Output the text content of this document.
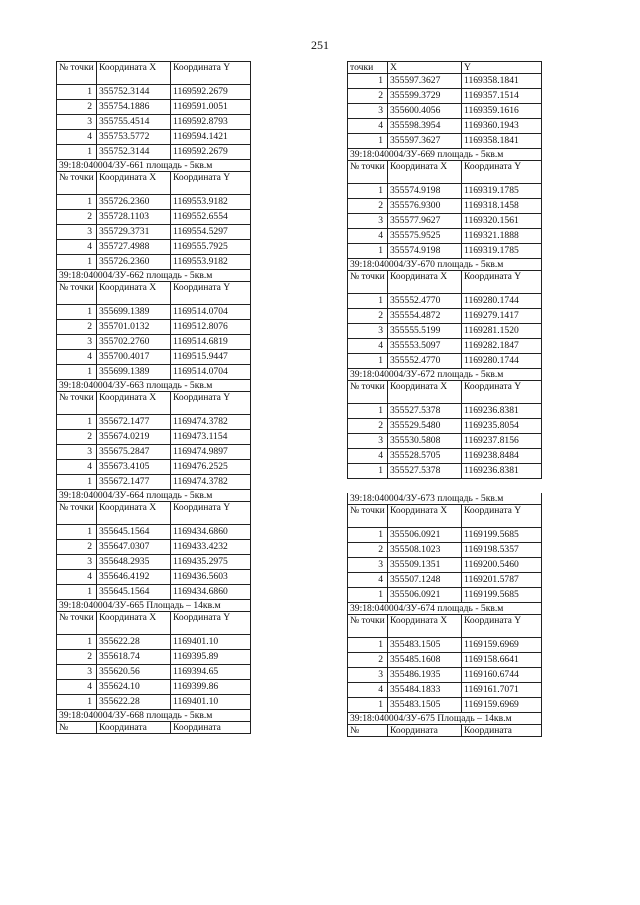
251
№ точки	Координата X	Координата Y
1	355752.3144	1169592.2679
2	355754.1886	1169591.0051
3	355755.4514	1169592.8793
4	355753.5772	1169594.1421
1	355752.3144	1169592.2679
39:18:040004/ЗУ-661 площадь - 5кв.м		
№ точки	Координата X	Координата Y
1	355726.2360	1169553.9182
2	355728.1103	1169552.6554
3	355729.3731	1169554.5297
4	355727.4988	1169555.7925
1	355726.2360	1169553.9182
39:18:040004/ЗУ-662 площадь - 5кв.м		
№ точки	Координата X	Координата Y
1	355699.1389	1169514.0704
2	355701.0132	1169512.8076
3	355702.2760	1169514.6819
4	355700.4017	1169515.9447
1	355699.1389	1169514.0704
39:18:040004/ЗУ-663 площадь - 5кв.м		
№ точки	Координата X	Координата Y
1	355672.1477	1169474.3782
2	355674.0219	1169473.1154
3	355675.2847	1169474.9897
4	355673.4105	1169476.2525
1	355672.1477	1169474.3782
39:18:040004/ЗУ-664 площадь - 5кв.м		
№ точки	Координата X	Координата Y
1	355645.1564	1169434.6860
2	355647.0307	1169433.4232
3	355648.2935	1169435.2975
4	355646.4192	1169436.5603
1	355645.1564	1169434.6860
39:18:040004/ЗУ-665 Площадь – 14кв.м		
№ точки	Координата X	Координата Y
1	355622.28	1169401.10
2	355618.74	1169395.89
3	355620.56	1169394.65
4	355624.10	1169399.86
1	355622.28	1169401.10
39:18:040004/ЗУ-668 площадь - 5кв.м		
№	Координата	Координата
точки	X	Y
1	355597.3627	1169358.1841
2	355599.3729	1169357.1514
3	355600.4056	1169359.1616
4	355598.3954	1169360.1943
1	355597.3627	1169358.1841
39:18:040004/ЗУ-669 площадь - 5кв.м		
№ точки	Координата X	Координата Y
1	355574.9198	1169319.1785
2	355576.9300	1169318.1458
3	355577.9627	1169320.1561
4	355575.9525	1169321.1888
1	355574.9198	1169319.1785
39:18:040004/ЗУ-670 площадь - 5кв.м		
№ точки	Координата X	Координата Y
1	355552.4770	1169280.1744
2	355554.4872	1169279.1417
3	355555.5199	1169281.1520
4	355553.5097	1169282.1847
1	355552.4770	1169280.1744
39:18:040004/ЗУ-672 площадь - 5кв.м		
№ точки	Координата X	Координата Y
1	355527.5378	1169236.8381
2	355529.5480	1169235.8054
3	355530.5808	1169237.8156
4	355528.5705	1169238.8484
1	355527.5378	1169236.8381
39:18:040004/ЗУ-673 площадь - 5кв.м		
№ точки	Координата X	Координата Y
1	355506.0921	1169199.5685
2	355508.1023	1169198.5357
3	355509.1351	1169200.5460
4	355507.1248	1169201.5787
1	355506.0921	1169199.5685
39:18:040004/ЗУ-674 площадь - 5кв.м		
№ точки	Координата X	Координата Y
1	355483.1505	1169159.6969
2	355485.1608	1169158.6641
3	355486.1935	1169160.6744
4	355484.1833	1169161.7071
1	355483.1505	1169159.6969
39:18:040004/ЗУ-675 Площадь – 14кв.м		
№	Координата	Координата
